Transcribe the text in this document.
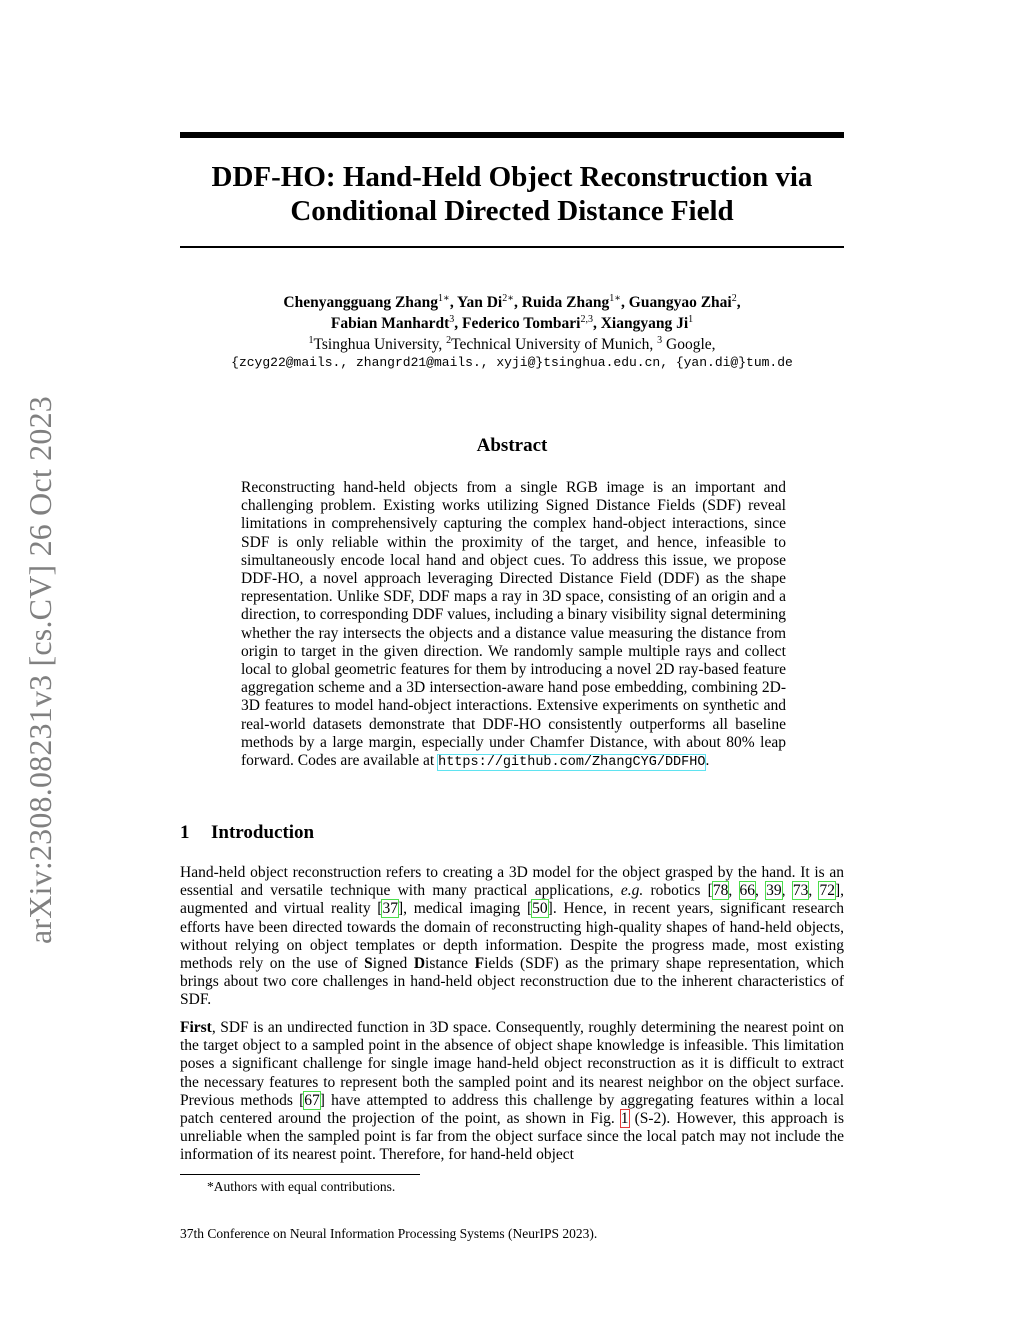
arXiv:2308.08231v3 [cs.CV] 26 Oct 2023
DDF-HO: Hand-Held Object Reconstruction via
Conditional Directed Distance Field
Chenyangguang Zhang$^{1∗}$, Yan $Di^{2∗}$, Ruida Zhang$^{1∗}$, Guangyao Zhai$^2$,
Fabian Manhardt$^3$, Federico Tombari$^{2,3}$, Xiangyang Ji$^1$
$^1$Tsinghua University, $^2$Technical University of Munich, $^3$ Google,
{zcyg22@mails., zhangrd21@mails., xyji@}tsinghua.edu.cn, {yan.di@}tum.de
Abstract
Reconstructing hand-held objects from a single RGB image is an important and challenging problem. Existing works utilizing Signed Distance Fields (SDF) reveal limitations in comprehensively capturing the complex hand-object interactions, since SDF is only reliable within the proximity of the target, and hence, infeasible to simultaneously encode local hand and object cues. To address this issue, we propose DDF-HO, a novel approach leveraging Directed Distance Field (DDF) as the shape representation. Unlike SDF, DDF maps a ray in 3D space, consisting of an origin and a direction, to corresponding DDF values, including a binary visibility signal determining whether the ray intersects the objects and a distance value measuring the distance from origin to target in the given direction. We randomly sample multiple rays and collect local to global geometric features for them by introducing a novel 2D ray-based feature aggregation scheme and a 3D intersection-aware hand pose embedding, combining 2D-3D features to model hand-object interactions. Extensive experiments on synthetic and real-world datasets demonstrate that DDF-HO consistently outperforms all baseline methods by a large margin, especially under Chamfer Distance, with about 80% leap forward. Codes are available at https://github.com/ZhangCYG/DDFHO.
1 Introduction
Hand-held object reconstruction refers to creating a 3D model for the object grasped by the hand. It is an essential and versatile technique with many practical applications, e.g. robotics [78, 66, 39, 73, 72], augmented and virtual reality [37], medical imaging [50]. Hence, in recent years, significant research efforts have been directed towards the domain of reconstructing high-quality shapes of hand-held objects, without relying on object templates or depth information. Despite the progress made, most existing methods rely on the use of Signed Distance Fields (SDF) as the primary shape representation, which brings about two core challenges in hand-held object reconstruction due to the inherent characteristics of SDF.
First, SDF is an undirected function in 3D space. Consequently, roughly determining the nearest point on the target object to a sampled point in the absence of object shape knowledge is infeasible. This limitation poses a significant challenge for single image hand-held object reconstruction as it is difficult to extract the necessary features to represent both the sampled point and its nearest neighbor on the object surface. Previous methods [67] have attempted to address this challenge by aggregating features within a local patch centered around the projection of the point, as shown in Fig. 1 (S-2). However, this approach is unreliable when the sampled point is far from the object surface since the local patch may not include the information of its nearest point. Therefore, for hand-held object
*Authors with equal contributions.
37th Conference on Neural Information Processing Systems (NeurIPS 2023).
